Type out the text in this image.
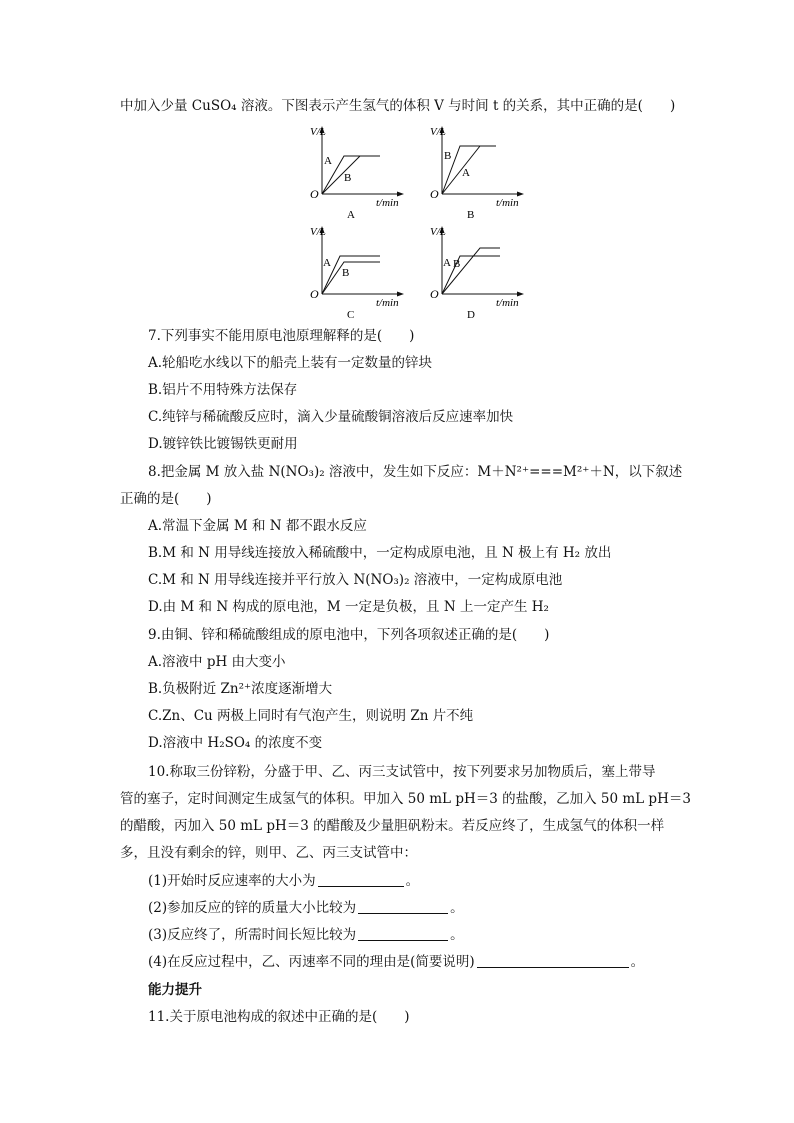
中加入少量 CuSO₄ 溶液。下图表示产生氢气的体积 V 与时间 t 的关系，其中正确的是(　　)
V/L
t/min
O
A
B
A
V/L
t/min
O
B
A
B
V/L
t/min
O
A
B
C
V/L
t/min
O
A B
D
7.下列事实不能用原电池原理解释的是(　　)
A.轮船吃水线以下的船壳上装有一定数量的锌块
B.铝片不用特殊方法保存
C.纯锌与稀硫酸反应时，滴入少量硫酸铜溶液后反应速率加快
D.镀锌铁比镀锡铁更耐用
8.把金属 M 放入盐 N(NO₃)₂ 溶液中，发生如下反应：M＋N²⁺===M²⁺＋N，以下叙述
正确的是(　　)
A.常温下金属 M 和 N 都不跟水反应
B.M 和 N 用导线连接放入稀硫酸中，一定构成原电池，且 N 极上有 H₂ 放出
C.M 和 N 用导线连接并平行放入 N(NO₃)₂ 溶液中，一定构成原电池
D.由 M 和 N 构成的原电池，M 一定是负极，且 N 上一定产生 H₂
9.由铜、锌和稀硫酸组成的原电池中，下列各项叙述正确的是(　　)
A.溶液中 pH 由大变小
B.负极附近 Zn²⁺浓度逐渐增大
C.Zn、Cu 两极上同时有气泡产生，则说明 Zn 片不纯
D.溶液中 H₂SO₄ 的浓度不变
10.称取三份锌粉，分盛于甲、乙、丙三支试管中，按下列要求另加物质后，塞上带导
管的塞子，定时间测定生成氢气的体积。甲加入 50 mL pH＝3 的盐酸，乙加入 50 mL pH＝3
的醋酸，丙加入 50 mL pH＝3 的醋酸及少量胆矾粉末。若反应终了，生成氢气的体积一样
多，且没有剩余的锌，则甲、乙、丙三支试管中：
(1)开始时反应速率的大小为	。
(2)参加反应的锌的质量大小比较为	。
(3)反应终了，所需时间长短比较为	。
(4)在反应过程中，乙、丙速率不同的理由是(简要说明)	。
能力提升
11.关于原电池构成的叙述中正确的是(　　)
